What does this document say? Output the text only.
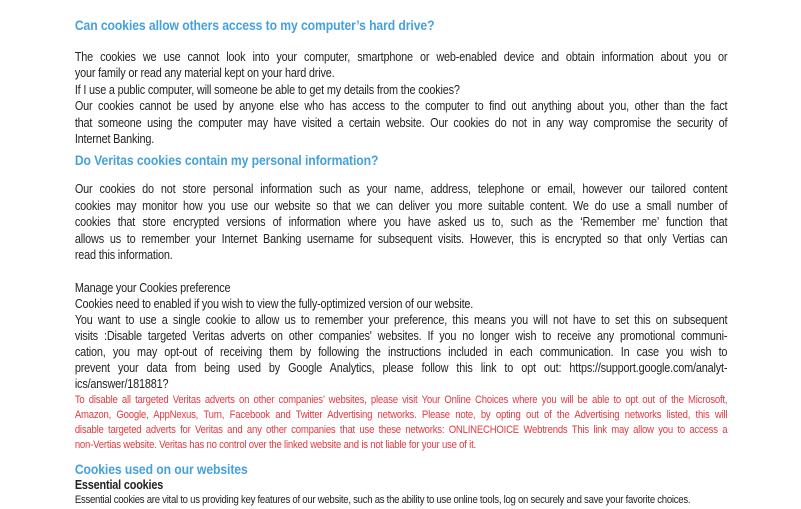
Can cookies allow others access to my computer’s hard drive?
The cookies we use cannot look into your computer, smartphone or web-enabled device and obtain information about you or
your family or read any material kept on your hard drive.
If I use a public computer, will someone be able to get my details from the cookies?
Our cookies cannot be used by anyone else who has access to the computer to find out anything about you, other than the fact
that someone using the computer may have visited a certain website. Our cookies do not in any way compromise the security of
Internet Banking.
Do Veritas cookies contain my personal information?
Our cookies do not store personal information such as your name, address, telephone or email, however our tailored content
cookies may monitor how you use our website so that we can deliver you more suitable content. We do use a small number of
cookies that store encrypted versions of information where you have asked us to, such as the ‘Remember me’ function that
allows us to remember your Internet Banking username for subsequent visits. However, this is encrypted so that only Vertias can
read this information.
Manage your Cookies preference
Cookies need to enabled if you wish to view the fully-optimized version of our website.
You want to use a single cookie to allow us to remember your preference, this means you will not have to set this on subsequent
visits :Disable targeted Veritas adverts on other companies' websites. If you no longer wish to receive any promotional communi-
cation, you may opt-out of receiving them by following the instructions included in each communication. In case you wish to
prevent your data from being used by Google Analytics, please follow this link to opt out: https://support.google.com/analyt-
ics/answer/181881?
To disable all targeted Veritas adverts on other companies’ websites, please visit Your Online Choices where you will be able to opt out of the Microsoft,
Amazon, Google, AppNexus, Turn, Facebook and Twitter Advertising networks. Please note, by opting out of the Advertising networks listed, this will
disable targeted adverts for Veritas and any other companies that use these networks: ONLINECHOICE Webtrends This link may allow you to access a
non-Vertias website. Veritas has no control over the linked website and is not liable for your use of it.
Cookies used on our websites
Essential cookies
Essential cookies are vital to us providing key features of our website, such as the ability to use online tools, log on securely and save your favorite choices.
